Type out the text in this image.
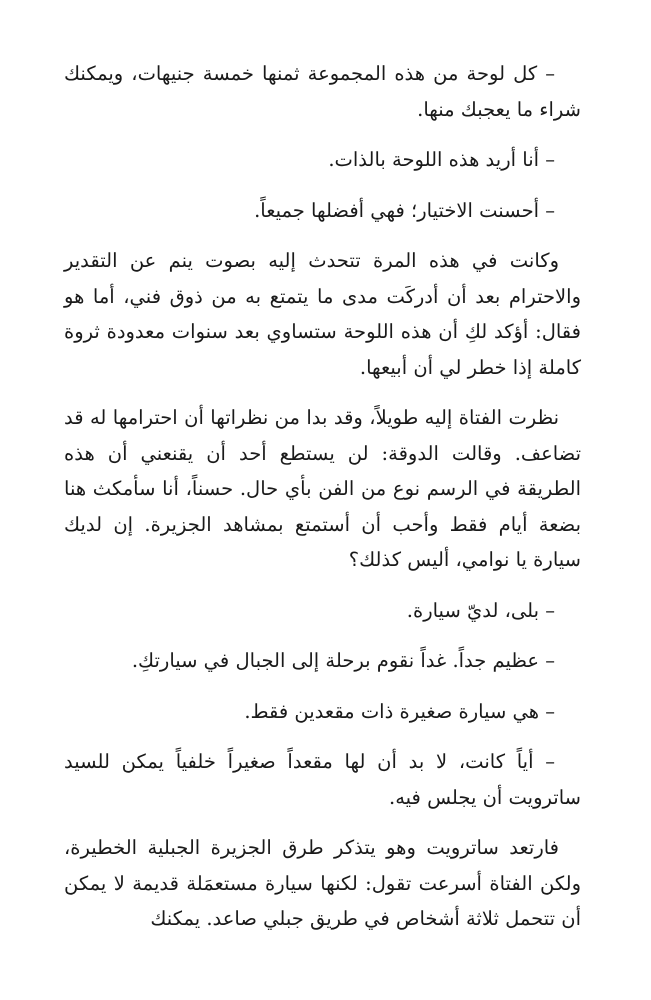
– كل لوحة من هذه المجموعة ثمنها خمسة جنيهات، ويمكنك شراء ما يعجبك منها.

– أنا أريد هذه اللوحة بالذات.

– أحسنت الاختيار؛ فهي أفضلها جميعاً.

وكانت في هذه المرة تتحدث إليه بصوت ينم عن التقدير والاحترام بعد أن أدركَت مدى ما يتمتع به من ذوق فني، أما هو فقال: أؤكد لكِ أن هذه اللوحة ستساوي بعد سنوات معدودة ثروة كاملة إذا خطر لي أن أبيعها.

نظرت الفتاة إليه طويلاً، وقد بدا من نظراتها أن احترامها له قد تضاعف. وقالت الدوقة: لن يستطع أحد أن يقنعني أن هذه الطريقة في الرسم نوع من الفن بأي حال. حسناً، أنا سأمكث هنا بضعة أيام فقط وأحب أن أستمتع بمشاهد الجزيرة. إن لديك سيارة يا نوامي، أليس كذلك؟

– بلى، لديّ سيارة.

– عظيم جداً. غداً نقوم برحلة إلى الجبال في سيارتكِ.

– هي سيارة صغيرة ذات مقعدين فقط.

– أياً كانت، لا بد أن لها مقعداً صغيراً خلفياً يمكن للسيد ساترويت أن يجلس فيه.

فارتعد ساترويت وهو يتذكر طرق الجزيرة الجبلية الخطيرة، ولكن الفتاة أسرعت تقول: لكنها سيارة مستعمَلة قديمة لا يمكن أن تتحمل ثلاثة أشخاص في طريق جبلي صاعد. يمكنك
